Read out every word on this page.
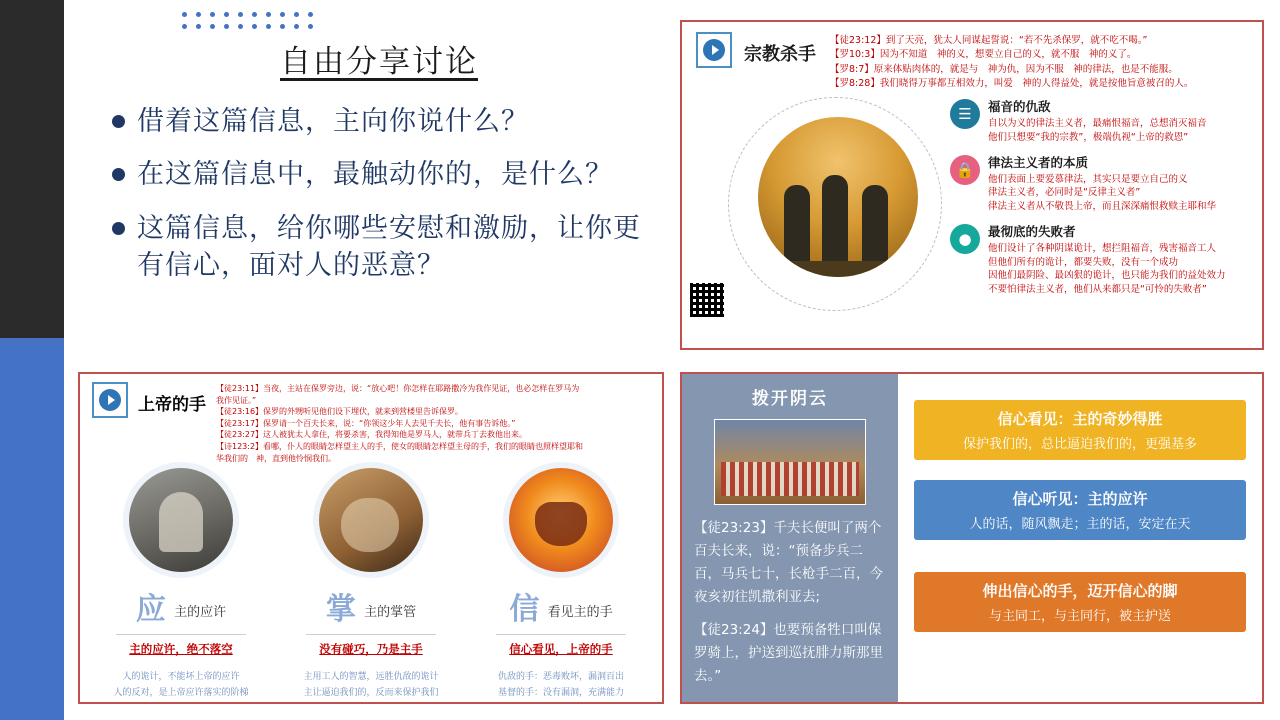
自由分享讨论
借着这篇信息，主向你说什么？
在这篇信息中，最触动你的，是什么？
这篇信息，给你哪些安慰和激励，让你更有信心，面对人的恶意？
宗教杀手
【徒23:12】到了天亮，犹太人同谋起誓说：“若不先杀保罗，就不吃不喝。”
【罗10:3】因为不知道　神的义，想要立自己的义，就不服　神的义了。
【罗8:7】原来体贴肉体的，就是与　神为仇，因为不服　神的律法，也是不能服。
【罗8:28】我们晓得万事都互相效力，叫爱　神的人得益处，就是按他旨意被召的人。
☰	福音的仇敌
自以为义的律法主义者，最痛恨福音，总想消灭福音
他们只想要“我的宗教”，极端仇视“上帝的救恩”
🔒	律法主义者的本质
他们表面上要爱慕律法，其实只是要立自己的义
律法主义者，必同时是“反律主义者”
律法主义者从不敬畏上帝，而且深深痛恨救赎主耶和华
●	最彻底的失败者
他们设计了各种阴谋诡计，想拦阻福音，残害福音工人
但他们所有的诡计，都要失败，没有一个成功
因他们最阴险、最凶狠的诡计，也只能为我们的益处效力
不要怕律法主义者，他们从来都只是“可怜的失败者”
上帝的手
【徒23:11】当夜，主站在保罗旁边，说：“放心吧！你怎样在耶路撒冷为我作见证，也必怎样在罗马为我作见证。”
【徒23:16】保罗的外甥听见他们设下埋伏，就来到营楼里告诉保罗。
【徒23:17】保罗请一个百夫长来，说：“你领这少年人去见千夫长，他有事告诉他。”
【徒23:27】这人被犹太人拿住，将要杀害，我得知他是罗马人，就带兵丁去救他出来。
【诗123:2】看哪，仆人的眼睛怎样望主人的手，使女的眼睛怎样望主母的手，我们的眼睛也照样望耶和华我们的　神，直到他怜悯我们。
应 主的应许
主的应许，绝不落空
人的诡计，不能坏上帝的应许
人的反对，是上帝应许落实的阶梯
掌 主的掌管
没有碰巧，乃是主手
主用工人的智慧，远胜仇敌的诡计
主让逼迫我们的，反而来保护我们
信 看见主的手
信心看见，上帝的手
仇敌的手：恶毒败坏，漏洞百出
基督的手：没有漏洞，充满能力
拨开阴云

【徒23:23】千夫长便叫了两个百夫长来，说：“预备步兵二百，马兵七十，长枪手二百，今夜亥初往凯撒利亚去;

【徒23:24】也要预备牲口叫保罗骑上，护送到巡抚腓力斯那里去。”

信心看见：主的奇妙得胜
保护我们的，总比逼迫我们的，更强基多
信心听见：主的应许
人的话，随风飘走；主的话，安定在天
伸出信心的手，迈开信心的脚
与主同工，与主同行，被主护送
